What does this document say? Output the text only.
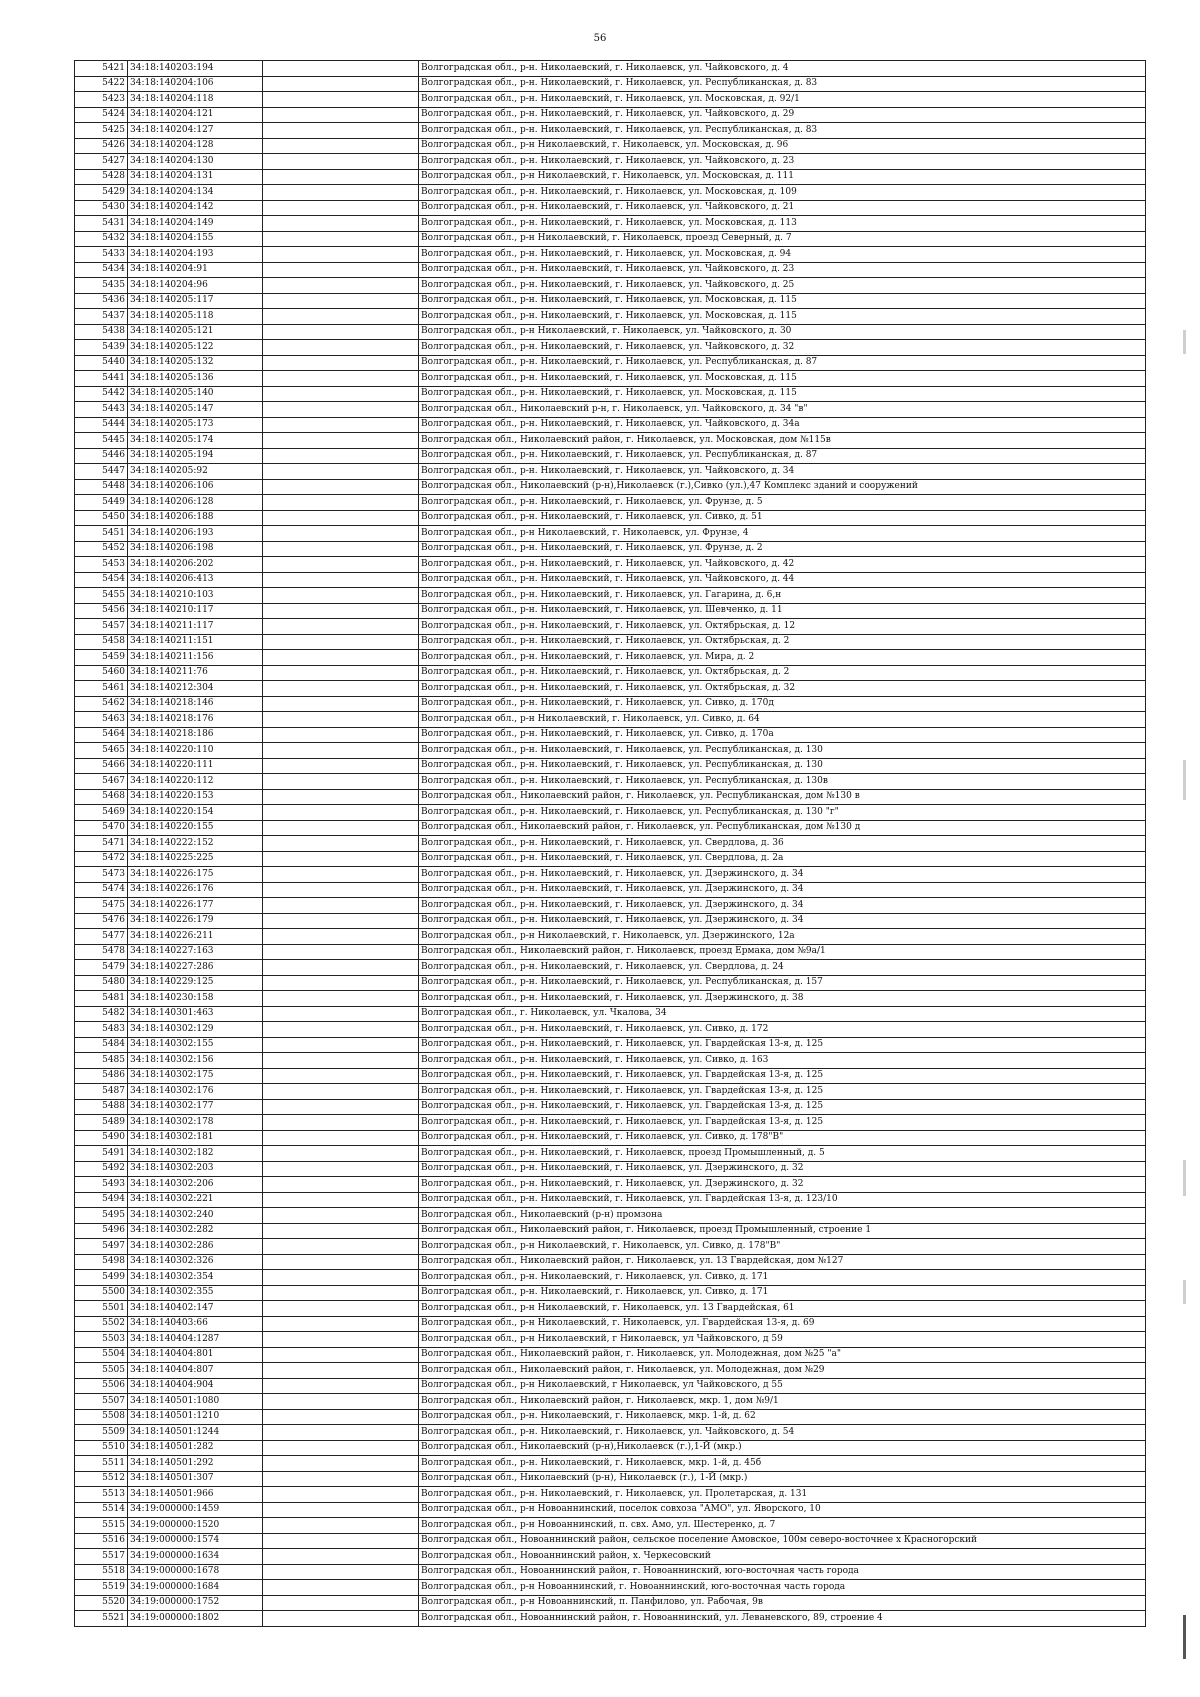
56
5421	34:18:140203:194		Волгоградская обл., р-н. Николаевский, г. Николаевск, ул. Чайковского, д. 4
5422	34:18:140204:106		Волгоградская обл., р-н. Николаевский, г. Николаевск, ул. Республиканская, д. 83
5423	34:18:140204:118		Волгоградская обл., р-н. Николаевский, г. Николаевск, ул. Московская, д. 92/1
5424	34:18:140204:121		Волгоградская обл., р-н. Николаевский, г. Николаевск, ул. Чайковского, д. 29
5425	34:18:140204:127		Волгоградская обл., р-н. Николаевский, г. Николаевск, ул. Республиканская, д. 83
5426	34:18:140204:128		Волгоградская обл., р-н Николаевский, г. Николаевск, ул. Московская, д. 96
5427	34:18:140204:130		Волгоградская обл., р-н. Николаевский, г. Николаевск, ул. Чайковского, д. 23
5428	34:18:140204:131		Волгоградская обл., р-н Николаевский, г. Николаевск, ул. Московская, д. 111
5429	34:18:140204:134		Волгоградская обл., р-н. Николаевский, г. Николаевск, ул. Московская, д. 109
5430	34:18:140204:142		Волгоградская обл., р-н. Николаевский, г. Николаевск, ул. Чайковского, д. 21
5431	34:18:140204:149		Волгоградская обл., р-н. Николаевский, г. Николаевск, ул. Московская, д. 113
5432	34:18:140204:155		Волгоградская обл., р-н Николаевский, г. Николаевск, проезд Северный, д. 7
5433	34:18:140204:193		Волгоградская обл., р-н. Николаевский, г. Николаевск, ул. Московская, д. 94
5434	34:18:140204:91		Волгоградская обл., р-н. Николаевский, г. Николаевск, ул. Чайковского, д. 23
5435	34:18:140204:96		Волгоградская обл., р-н. Николаевский, г. Николаевск, ул. Чайковского, д. 25
5436	34:18:140205:117		Волгоградская обл., р-н. Николаевский, г. Николаевск, ул. Московская, д. 115
5437	34:18:140205:118		Волгоградская обл., р-н. Николаевский, г. Николаевск, ул. Московская, д. 115
5438	34:18:140205:121		Волгоградская обл., р-н Николаевский, г. Николаевск, ул. Чайковского, д. 30
5439	34:18:140205:122		Волгоградская обл., р-н. Николаевский, г. Николаевск, ул. Чайковского, д. 32
5440	34:18:140205:132		Волгоградская обл., р-н. Николаевский, г. Николаевск, ул. Республиканская, д. 87
5441	34:18:140205:136		Волгоградская обл., р-н. Николаевский, г. Николаевск, ул. Московская, д. 115
5442	34:18:140205:140		Волгоградская обл., р-н. Николаевский, г. Николаевск, ул. Московская, д. 115
5443	34:18:140205:147		Волгоградская обл., Николаевский р-н, г. Николаевск, ул. Чайковского, д. 34 "в"
5444	34:18:140205:173		Волгоградская обл., р-н. Николаевский, г. Николаевск, ул. Чайковского, д. 34а
5445	34:18:140205:174		Волгоградская обл., Николаевский район, г. Николаевск, ул. Московская, дом №115в
5446	34:18:140205:194		Волгоградская обл., р-н. Николаевский, г. Николаевск, ул. Республиканская, д. 87
5447	34:18:140205:92		Волгоградская обл., р-н. Николаевский, г. Николаевск, ул. Чайковского, д. 34
5448	34:18:140206:106		Волгоградская обл., Николаевский (р-н),Николаевск (г.),Сивко (ул.),47 Комплекс зданий и сооружений
5449	34:18:140206:128		Волгоградская обл., р-н. Николаевский, г. Николаевск, ул. Фрунзе, д. 5
5450	34:18:140206:188		Волгоградская обл., р-н. Николаевский, г. Николаевск, ул. Сивко, д. 51
5451	34:18:140206:193		Волгоградская обл., р-н Николаевский, г. Николаевск, ул. Фрунзе, 4
5452	34:18:140206:198		Волгоградская обл., р-н. Николаевский, г. Николаевск, ул. Фрунзе, д. 2
5453	34:18:140206:202		Волгоградская обл., р-н. Николаевский, г. Николаевск, ул. Чайковского, д. 42
5454	34:18:140206:413		Волгоградская обл., р-н. Николаевский, г. Николаевск, ул. Чайковского, д. 44
5455	34:18:140210:103		Волгоградская обл., р-н. Николаевский, г. Николаевск, ул. Гагарина, д. 6,н
5456	34:18:140210:117		Волгоградская обл., р-н. Николаевский, г. Николаевск, ул. Шевченко, д. 11
5457	34:18:140211:117		Волгоградская обл., р-н. Николаевский, г. Николаевск, ул. Октябрьская, д. 12
5458	34:18:140211:151		Волгоградская обл., р-н. Николаевский, г. Николаевск, ул. Октябрьская, д. 2
5459	34:18:140211:156		Волгоградская обл., р-н. Николаевский, г. Николаевск, ул. Мира, д. 2
5460	34:18:140211:76		Волгоградская обл., р-н. Николаевский, г. Николаевск, ул. Октябрьская, д. 2
5461	34:18:140212:304		Волгоградская обл., р-н. Николаевский, г. Николаевск, ул. Октябрьская, д. 32
5462	34:18:140218:146		Волгоградская обл., р-н. Николаевский, г. Николаевск, ул. Сивко, д. 170д
5463	34:18:140218:176		Волгоградская обл., р-н Николаевский, г. Николаевск, ул. Сивко, д. 64
5464	34:18:140218:186		Волгоградская обл., р-н. Николаевский, г. Николаевск, ул. Сивко, д. 170а
5465	34:18:140220:110		Волгоградская обл., р-н. Николаевский, г. Николаевск, ул. Республиканская, д. 130
5466	34:18:140220:111		Волгоградская обл., р-н. Николаевский, г. Николаевск, ул. Республиканская, д. 130
5467	34:18:140220:112		Волгоградская обл., р-н. Николаевский, г. Николаевск, ул. Республиканская, д. 130в
5468	34:18:140220:153		Волгоградская обл., Николаевский район, г. Николаевск, ул. Республиканская, дом №130 в
5469	34:18:140220:154		Волгоградская обл., р-н. Николаевский, г. Николаевск, ул. Республиканская, д. 130 "г"
5470	34:18:140220:155		Волгоградская обл., Николаевский район, г. Николаевск, ул. Республиканская, дом №130 д
5471	34:18:140222:152		Волгоградская обл., р-н. Николаевский, г. Николаевск, ул. Свердлова, д. 36
5472	34:18:140225:225		Волгоградская обл., р-н. Николаевский, г. Николаевск, ул. Свердлова, д. 2а
5473	34:18:140226:175		Волгоградская обл., р-н. Николаевский, г. Николаевск, ул. Дзержинского, д. 34
5474	34:18:140226:176		Волгоградская обл., р-н. Николаевский, г. Николаевск, ул. Дзержинского, д. 34
5475	34:18:140226:177		Волгоградская обл., р-н. Николаевский, г. Николаевск, ул. Дзержинского, д. 34
5476	34:18:140226:179		Волгоградская обл., р-н. Николаевский, г. Николаевск, ул. Дзержинского, д. 34
5477	34:18:140226:211		Волгоградская обл., р-н Николаевский, г. Николаевск, ул. Дзержинского, 12а
5478	34:18:140227:163		Волгоградская обл., Николаевский район, г. Николаевск, проезд Ермака, дом №9а/1
5479	34:18:140227:286		Волгоградская обл., р-н. Николаевский, г. Николаевск, ул. Свердлова, д. 24
5480	34:18:140229:125		Волгоградская обл., р-н. Николаевский, г. Николаевск, ул. Республиканская, д. 157
5481	34:18:140230:158		Волгоградская обл., р-н. Николаевский, г. Николаевск, ул. Дзержинского, д. 38
5482	34:18:140301:463		Волгоградская обл., г. Николаевск, ул. Чкалова, 34
5483	34:18:140302:129		Волгоградская обл., р-н. Николаевский, г. Николаевск, ул. Сивко, д. 172
5484	34:18:140302:155		Волгоградская обл., р-н. Николаевский, г. Николаевск, ул. Гвардейская 13-я, д. 125
5485	34:18:140302:156		Волгоградская обл., р-н. Николаевский, г. Николаевск, ул. Сивко, д. 163
5486	34:18:140302:175		Волгоградская обл., р-н. Николаевский, г. Николаевск, ул. Гвардейская 13-я, д. 125
5487	34:18:140302:176		Волгоградская обл., р-н. Николаевский, г. Николаевск, ул. Гвардейская 13-я, д. 125
5488	34:18:140302:177		Волгоградская обл., р-н. Николаевский, г. Николаевск, ул. Гвардейская 13-я, д. 125
5489	34:18:140302:178		Волгоградская обл., р-н. Николаевский, г. Николаевск, ул. Гвардейская 13-я, д. 125
5490	34:18:140302:181		Волгоградская обл., р-н. Николаевский, г. Николаевск, ул. Сивко, д. 178"В"
5491	34:18:140302:182		Волгоградская обл., р-н. Николаевский, г. Николаевск, проезд Промышленный, д. 5
5492	34:18:140302:203		Волгоградская обл., р-н. Николаевский, г. Николаевск, ул. Дзержинского, д. 32
5493	34:18:140302:206		Волгоградская обл., р-н. Николаевский, г. Николаевск, ул. Дзержинского, д. 32
5494	34:18:140302:221		Волгоградская обл., р-н. Николаевский, г. Николаевск, ул. Гвардейская 13-я, д. 123/10
5495	34:18:140302:240		Волгоградская обл., Николаевский (р-н) промзона
5496	34:18:140302:282		Волгоградская обл., Николаевский район, г. Николаевск, проезд Промышленный, строение 1
5497	34:18:140302:286		Волгоградская обл., р-н Николаевский, г. Николаевск, ул. Сивко, д. 178"В"
5498	34:18:140302:326		Волгоградская обл., Николаевский район, г. Николаевск, ул. 13 Гвардейская, дом №127
5499	34:18:140302:354		Волгоградская обл., р-н. Николаевский, г. Николаевск, ул. Сивко, д. 171
5500	34:18:140302:355		Волгоградская обл., р-н. Николаевский, г. Николаевск, ул. Сивко, д. 171
5501	34:18:140402:147		Волгоградская обл., р-н Николаевский, г. Николаевск, ул. 13 Гвардейская, 61
5502	34:18:140403:66		Волгоградская обл., р-н Николаевский, г. Николаевск, ул. Гвардейская 13-я, д. 69
5503	34:18:140404:1287		Волгоградская обл., р-н Николаевский, г Николаевск, ул Чайковского, д 59
5504	34:18:140404:801		Волгоградская обл., Николаевский район, г. Николаевск, ул. Молодежная, дом №25 "а"
5505	34:18:140404:807		Волгоградская обл., Николаевский район, г. Николаевск, ул. Молодежная, дом №29
5506	34:18:140404:904		Волгоградская обл., р-н Николаевский, г Николаевск, ул Чайковского, д 55
5507	34:18:140501:1080		Волгоградская обл., Николаевский район, г. Николаевск, мкр. 1, дом №9/1
5508	34:18:140501:1210		Волгоградская обл., р-н. Николаевский, г. Николаевск, мкр. 1-й, д. 62
5509	34:18:140501:1244		Волгоградская обл., р-н. Николаевский, г. Николаевск, ул. Чайковского, д. 54
5510	34:18:140501:282		Волгоградская обл., Николаевский (р-н),Николаевск (г.),1-Й (мкр.)
5511	34:18:140501:292		Волгоградская обл., р-н. Николаевский, г. Николаевск, мкр. 1-й, д. 45б
5512	34:18:140501:307		Волгоградская обл., Николаевский (р-н), Николаевск (г.), 1-Й (мкр.)
5513	34:18:140501:966		Волгоградская обл., р-н. Николаевский, г. Николаевск, ул. Пролетарская, д. 131
5514	34:19:000000:1459		Волгоградская обл., р-н Новоаннинский, поселок совхоза "АМО", ул. Яворского, 10
5515	34:19:000000:1520		Волгоградская обл., р-н Новоаннинский, п. свх. Амо, ул. Шестеренко, д. 7
5516	34:19:000000:1574		Волгоградская обл., Новоаннинский район, сельское поселение Амовское, 100м северо-восточнее х Красногорский
5517	34:19:000000:1634		Волгоградская обл., Новоаннинский район, х. Черкесовский
5518	34:19:000000:1678		Волгоградская обл., Новоаннинский район, г. Новоаннинский, юго-восточная часть города
5519	34:19:000000:1684		Волгоградская обл., р-н Новоаннинский, г. Новоаннинский, юго-восточная часть города
5520	34:19:000000:1752		Волгоградская обл., р-н Новоаннинский, п. Панфилово, ул. Рабочая, 9в
5521	34:19:000000:1802		Волгоградская обл., Новоаннинский район, г. Новоаннинский, ул. Леваневского, 89, строение 4
